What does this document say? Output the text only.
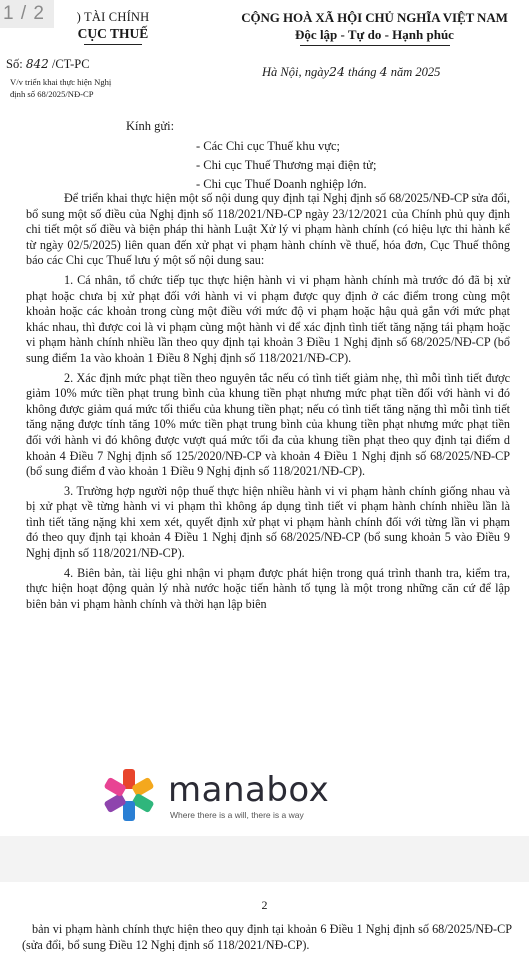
1 / 2	) TÀI CHÍNH
CỤC THUẾ
Số: 842 /CT-PC
V/v triển khai thực hiện Nghị
định số 68/2025/NĐ-CP
CỘNG HOÀ XÃ HỘI CHỦ NGHĨA VIỆT NAM
Độc lập - Tự do - Hạnh phúc
Hà Nội, ngày24 tháng 4 năm 2025
Kính gửi:
- Các Chi cục Thuế khu vực;
- Chi cục Thuế Thương mại điện tử;
- Chi cục Thuế Doanh nghiệp lớn.

Để triển khai thực hiện một số nội dung quy định tại Nghị định số 68/2025/NĐ-CP sửa đổi, bổ sung một số điều của Nghị định số 118/2021/NĐ-CP ngày 23/12/2021 của Chính phủ quy định chi tiết một số điều và biện pháp thi hành Luật Xử lý vi phạm hành chính (có hiệu lực thi hành kể từ ngày 02/5/2025) liên quan đến xử phạt vi phạm hành chính về thuế, hóa đơn, Cục Thuế thông báo các Chi cục Thuế lưu ý một số nội dung sau:

1. Cá nhân, tổ chức tiếp tục thực hiện hành vi vi phạm hành chính mà trước đó đã bị xử phạt hoặc chưa bị xử phạt đối với hành vi vi phạm được quy định ở các điểm trong cùng một khoản hoặc các khoản trong cùng một điều với mức độ vi phạm hoặc hậu quả gắn với mức phạt khác nhau, thì được coi là vi phạm cùng một hành vi để xác định tình tiết tăng nặng tái phạm hoặc vi phạm hành chính nhiều lần theo quy định tại khoản 3 Điều 1 Nghị định số 68/2025/NĐ-CP (bổ sung điểm 1a vào khoản 1 Điều 8 Nghị định số 118/2021/NĐ-CP).

2. Xác định mức phạt tiền theo nguyên tắc nếu có tình tiết giảm nhẹ, thì mỗi tình tiết được giảm 10% mức tiền phạt trung bình của khung tiền phạt nhưng mức phạt tiền đối với hành vi đó không được giảm quá mức tối thiểu của khung tiền phạt; nếu có tình tiết tăng nặng thì mỗi tình tiết tăng nặng được tính tăng 10% mức tiền phạt trung bình của khung tiền phạt nhưng mức phạt tiền đối với hành vi đó không được vượt quá mức tối đa của khung tiền phạt theo quy định tại điểm d khoản 4 Điều 7 Nghị định số 125/2020/NĐ-CP và khoản 4 Điều 1 Nghị định số 68/2025/NĐ-CP (bổ sung điểm đ vào khoản 1 Điều 9 Nghị định số 118/2021/NĐ-CP).

3. Trường hợp người nộp thuế thực hiện nhiều hành vi vi phạm hành chính giống nhau và bị xử phạt về từng hành vi vi phạm thì không áp dụng tình tiết vi phạm hành chính nhiều lần là tình tiết tăng nặng khi xem xét, quyết định xử phạt vi phạm hành chính đối với từng lần vi phạm đó theo quy định tại khoản 4 Điều 1 Nghị định số 68/2025/NĐ-CP (bổ sung khoản 5 vào Điều 9 Nghị định số 118/2021/NĐ-CP).

4. Biên bản, tài liệu ghi nhận vi phạm được phát hiện trong quá trình thanh tra, kiểm tra, thực hiện hoạt động quản lý nhà nước hoặc tiến hành tố tụng là một trong những căn cứ để lập biên bản vi phạm hành chính và thời hạn lập biên

manabox
Where there is a will, there is a way
2
bản vi phạm hành chính thực hiện theo quy định tại khoản 6 Điều 1 Nghị định số 68/2025/NĐ-CP (sửa đổi, bổ sung Điều 12 Nghị định số 118/2021/NĐ-CP).
